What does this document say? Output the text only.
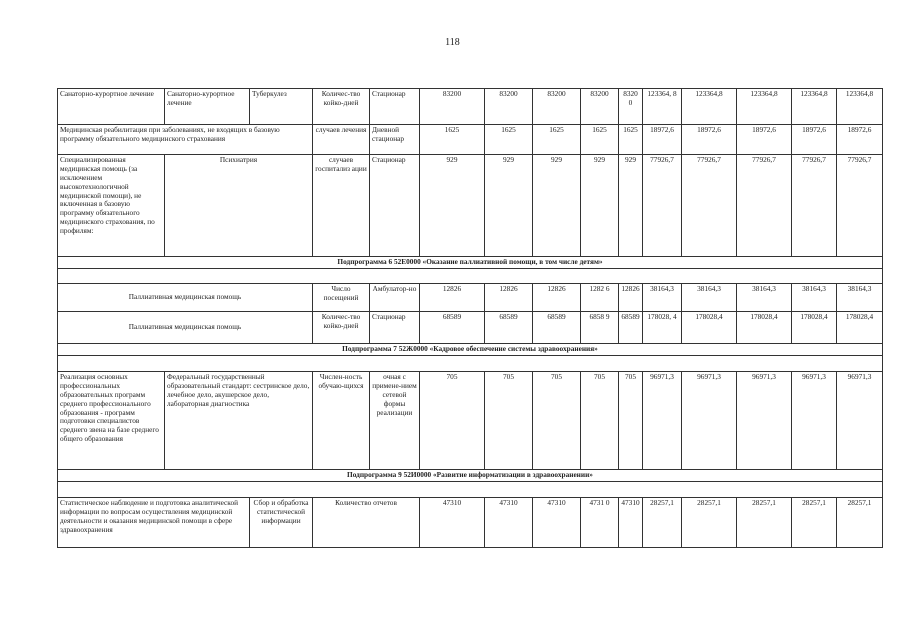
118
Санаторно-курортное лечение	Санаторно-курортное лечение	Туберкулез	Количес-тво койко-дней	Стационар	83200	83200	83200	83200	8320 0	123364, 8	123364,8	123364,8	123364,8	123364,8
Медицинская реабилитация при заболеваниях, не входящих в базовую программу обязательного медицинского страхования			случаев лечения	Дневной стационар	1625	1625	1625	1625	1625	18972,6	18972,6	18972,6	18972,6	18972,6
Специализированная медицинская помощь (за исключением высокотехнологичной медицинской помощи), не включенная в базовую программу обязательного медицинского страхования, по профилям:	Психиатрия		случаев госпитализ ации	Стационар	929	929	929	929	929	77926,7	77926,7	77926,7	77926,7	77926,7
Подпрограмма 6 52Е0000 «Оказание паллиативной помощи, в том числе детям»														

Паллиативная медицинская помощь			Число посещений	Амбулатор-но	12826	12826	12826	1282 6	12826	38164,3	38164,3	38164,3	38164,3	38164,3
Паллиативная медицинская помощь			Количес-тво койко-дней	Стационар	68589	68589	68589	6858 9	68589	178028, 4	178028,4	178028,4	178028,4	178028,4
Подпрограмма 7 52Ж0000 «Кадровое обеспечение системы здравоохранения»														

Реализация основных профессиональных образовательных программ среднего профессионального образования - программ подготовки специалистов среднего звена на базе среднего общего образования	Федеральный государственный образовательный стандарт: сестринское дело, лечебное дело, акушерское дело, лабораторная диагностика		Числен-ность обучаю-щихся	очная с примене-нием сетевой формы реализации	705	705	705	705	705	96971,3	96971,3	96971,3	96971,3	96971,3
Подпрограмма 9 52И0000 «Развитие информатизации в здравоохранении»														

Статистическое наблюдение и подготовка аналитической информации по вопросам осуществления медицинской деятельности и оказания медицинской помощи в сфере здравоохранения		Сбор и обработка статистической информации	Количество отчетов		47310	47310	47310	4731 0	47310	28257,1	28257,1	28257,1	28257,1	28257,1
